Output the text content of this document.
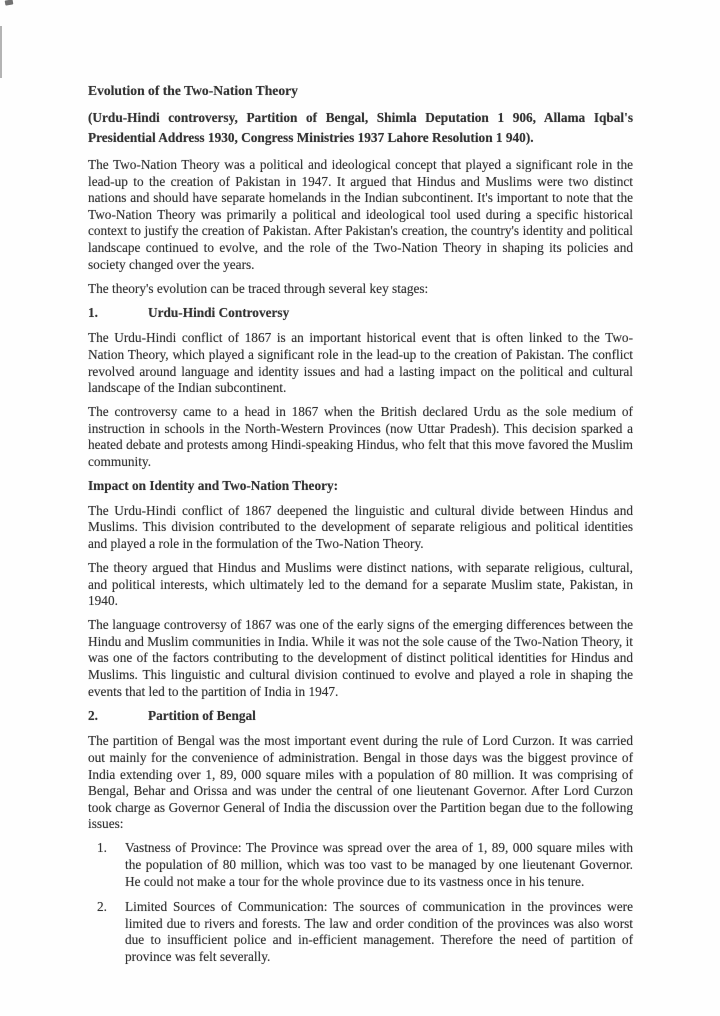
Evolution of the Two-Nation Theory
(Urdu-Hindi controversy, Partition of Bengal, Shimla Deputation 1 906, Allama Iqbal's Presidential Address 1930, Congress Ministries 1937 Lahore Resolution 1 940).

The Two-Nation Theory was a political and ideological concept that played a significant role in the lead-up to the creation of Pakistan in 1947. It argued that Hindus and Muslims were two distinct nations and should have separate homelands in the Indian subcontinent. It's important to note that the Two-Nation Theory was primarily a political and ideological tool used during a specific historical context to justify the creation of Pakistan. After Pakistan's creation, the country's identity and political landscape continued to evolve, and the role of the Two-Nation Theory in shaping its policies and society changed over the years.

The theory's evolution can be traced through several key stages:

1.	Urdu-Hindi Controversy

The Urdu-Hindi conflict of 1867 is an important historical event that is often linked to the Two-Nation Theory, which played a significant role in the lead-up to the creation of Pakistan. The conflict revolved around language and identity issues and had a lasting impact on the political and cultural landscape of the Indian subcontinent.

The controversy came to a head in 1867 when the British declared Urdu as the sole medium of instruction in schools in the North-Western Provinces (now Uttar Pradesh). This decision sparked a heated debate and protests among Hindi-speaking Hindus, who felt that this move favored the Muslim community.

Impact on Identity and Two-Nation Theory:

The Urdu-Hindi conflict of 1867 deepened the linguistic and cultural divide between Hindus and Muslims. This division contributed to the development of separate religious and political identities and played a role in the formulation of the Two-Nation Theory.

The theory argued that Hindus and Muslims were distinct nations, with separate religious, cultural, and political interests, which ultimately led to the demand for a separate Muslim state, Pakistan, in 1940.

The language controversy of 1867 was one of the early signs of the emerging differences between the Hindu and Muslim communities in India. While it was not the sole cause of the Two-Nation Theory, it was one of the factors contributing to the development of distinct political identities for Hindus and Muslims. This linguistic and cultural division continued to evolve and played a role in shaping the events that led to the partition of India in 1947.

2.	Partition of Bengal

The partition of Bengal was the most important event during the rule of Lord Curzon. It was carried out mainly for the convenience of administration. Bengal in those days was the biggest province of India extending over 1, 89, 000 square miles with a population of 80 million. It was comprising of Bengal, Behar and Orissa and was under the central of one lieutenant Governor. After Lord Curzon took charge as Governor General of India the discussion over the Partition began due to the following issues:

1. Vastness of Province: The Province was spread over the area of 1, 89, 000 square miles with the population of 80 million, which was too vast to be managed by one lieutenant Governor. He could not make a tour for the whole province due to its vastness once in his tenure.
2. Limited Sources of Communication: The sources of communication in the provinces were limited due to rivers and forests. The law and order condition of the provinces was also worst due to insufficient police and in-efficient management. Therefore the need of partition of province was felt severally.
